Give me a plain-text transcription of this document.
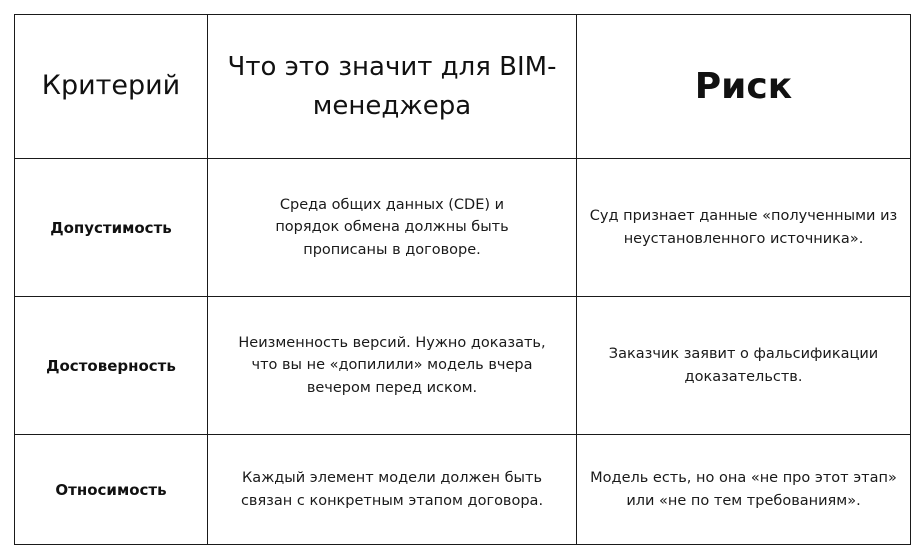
Критерий	Что это значит для BIM-менеджера	Риск
Допустимость	Среда общих данных (CDE) и порядок обмена должны быть прописаны в договоре.	Суд признает данные «полученными из неустановленного источника».
Достоверность	Неизменность версий. Нужно доказать, что вы не «допилили» модель вчера вечером перед иском.	Заказчик заявит о фальсификации доказательств.
Относимость	Каждый элемент модели должен быть связан с конкретным этапом договора.	Модель есть, но она «не про этот этап» или «не по тем требованиям».
